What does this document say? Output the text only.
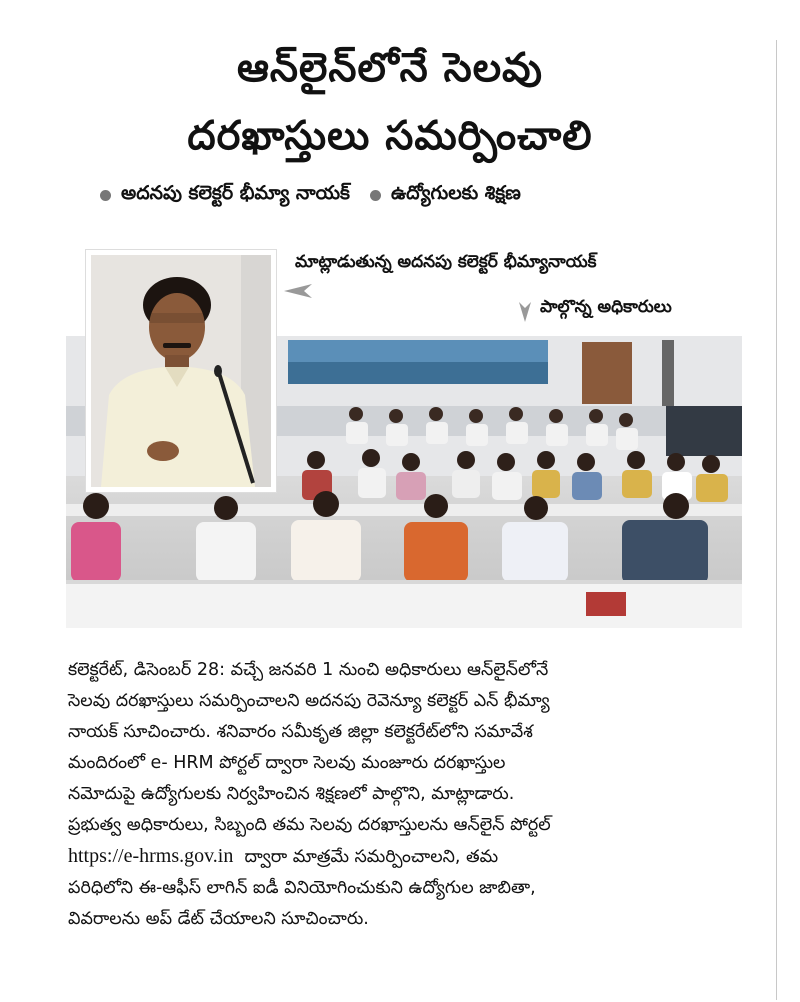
ఆన్‌లైన్‌లోనే సెలవు
దరఖాస్తులు సమర్పించాలి
అదనపు కలెక్టర్ భీమ్యా నాయక్ ఉద్యోగులకు శిక్షణ
మాట్లాడుతున్న అదనపు కలెక్టర్ భీమ్యానాయక్
పాల్గొన్న అధికారులు

కలెక్టరేట్, డిసెంబర్ 28: వచ్చే జనవరి 1 నుంచి అధికారులు ఆన్‌లైన్‌లోనే

సెలవు దరఖాస్తులు సమర్పించాలని అదనపు రెవెన్యూ కలెక్టర్ ఎన్ భీమ్యా

నాయక్ సూచించారు. శనివారం సమీకృత జిల్లా కలెక్టరేట్‌లోని సమావేశ

మందిరంలో e- HRM పోర్టల్ ద్వారా సెలవు మంజూరు దరఖాస్తుల

నమోదుపై ఉద్యోగులకు నిర్వహించిన శిక్షణలో పాల్గొని, మాట్లాడారు.

ప్రభుత్వ అధికారులు, సిబ్బంది తమ సెలవు దరఖాస్తులను ఆన్‌లైన్ పోర్టల్

https://e-hrms.gov.in ద్వారా మాత్రమే సమర్పించాలని, తమ

పరిధిలోని ఈ-ఆఫీస్ లాగిన్ ఐడీ వినియోగించుకుని ఉద్యోగుల జాబితా,

వివరాలను అప్ డేట్ చేయాలని సూచించారు.
